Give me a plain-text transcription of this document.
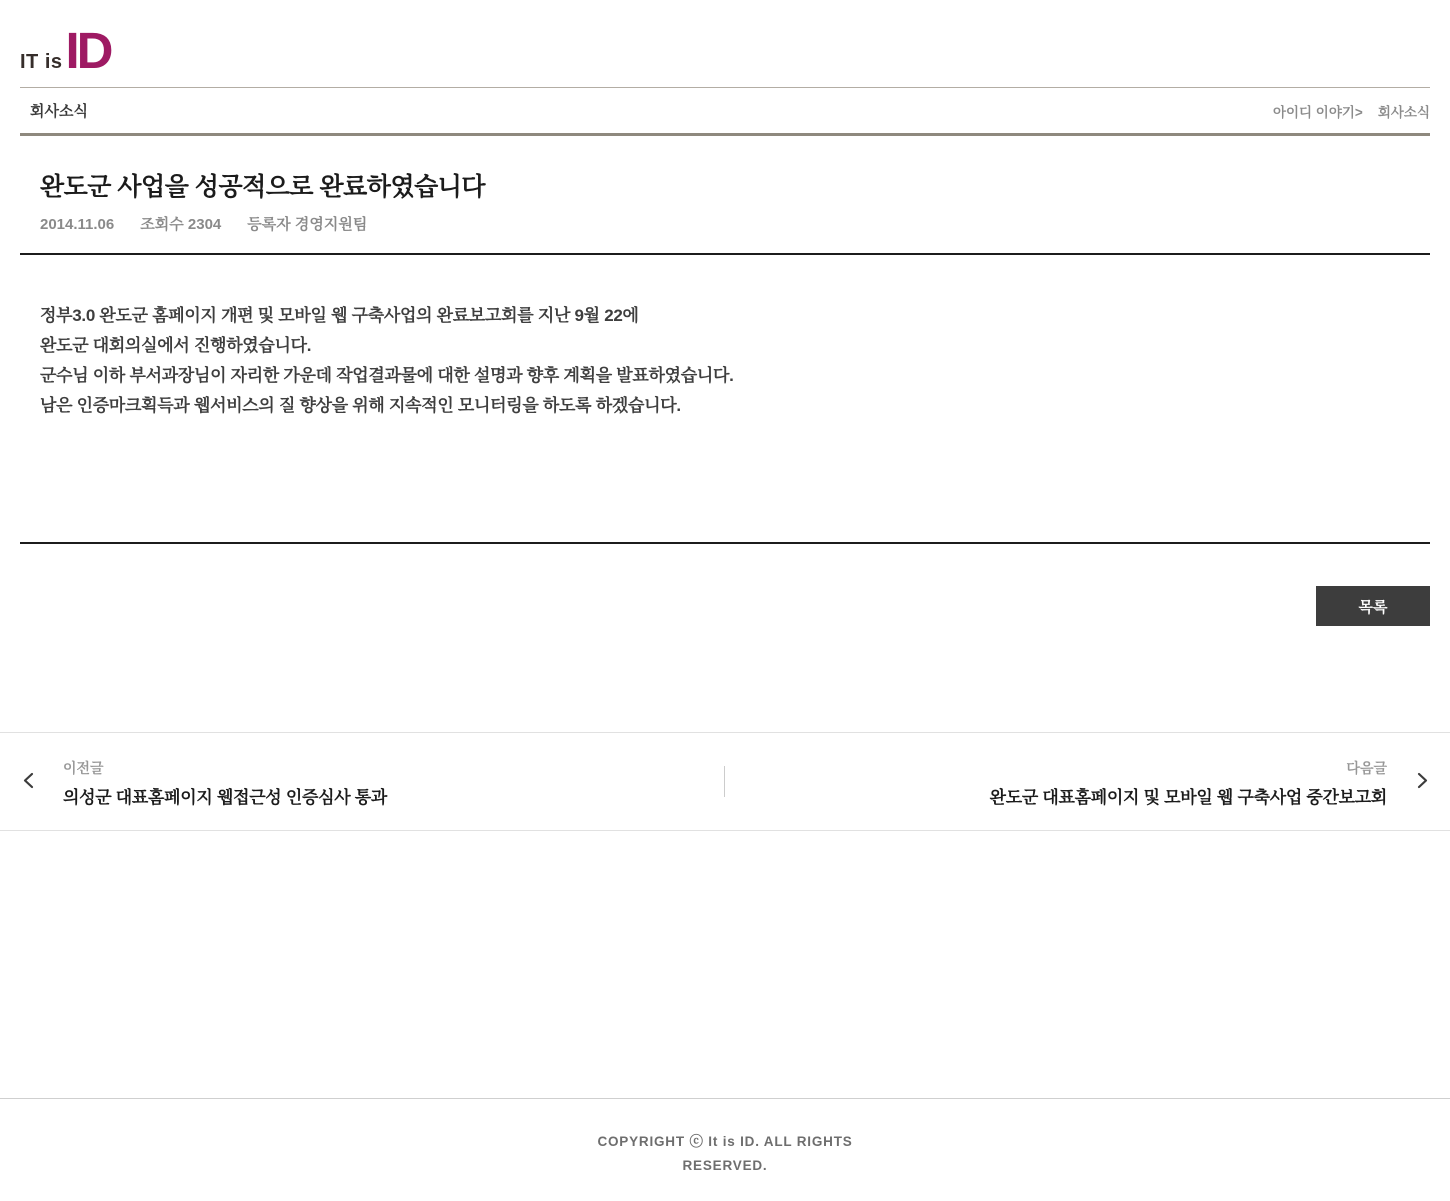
IT is ID
회사소식	아이디 이야기> 회사소식
완도군 사업을 성공적으로 완료하였습니다
2014.11.06 조회수 2304 등록자 경영지원팀
정부3.0 완도군 홈페이지 개편 및 모바일 웹 구축사업의 완료보고회를 지난 9월 22에
완도군 대회의실에서 진행하였습니다.
군수님 이하 부서과장님이 자리한 가운데 작업결과물에 대한 설명과 향후 계획을 발표하였습니다.
남은 인증마크획득과 웹서비스의 질 향상을 위해 지속적인 모니터링을 하도록 하겠습니다.
목록
이전글
의성군 대표홈페이지 웹접근성 인증심사 통과
다음글
완도군 대표홈페이지 및 모바일 웹 구축사업 중간보고회
COPYRIGHT ⓒ It is ID. ALL RIGHTS
RESERVED.
